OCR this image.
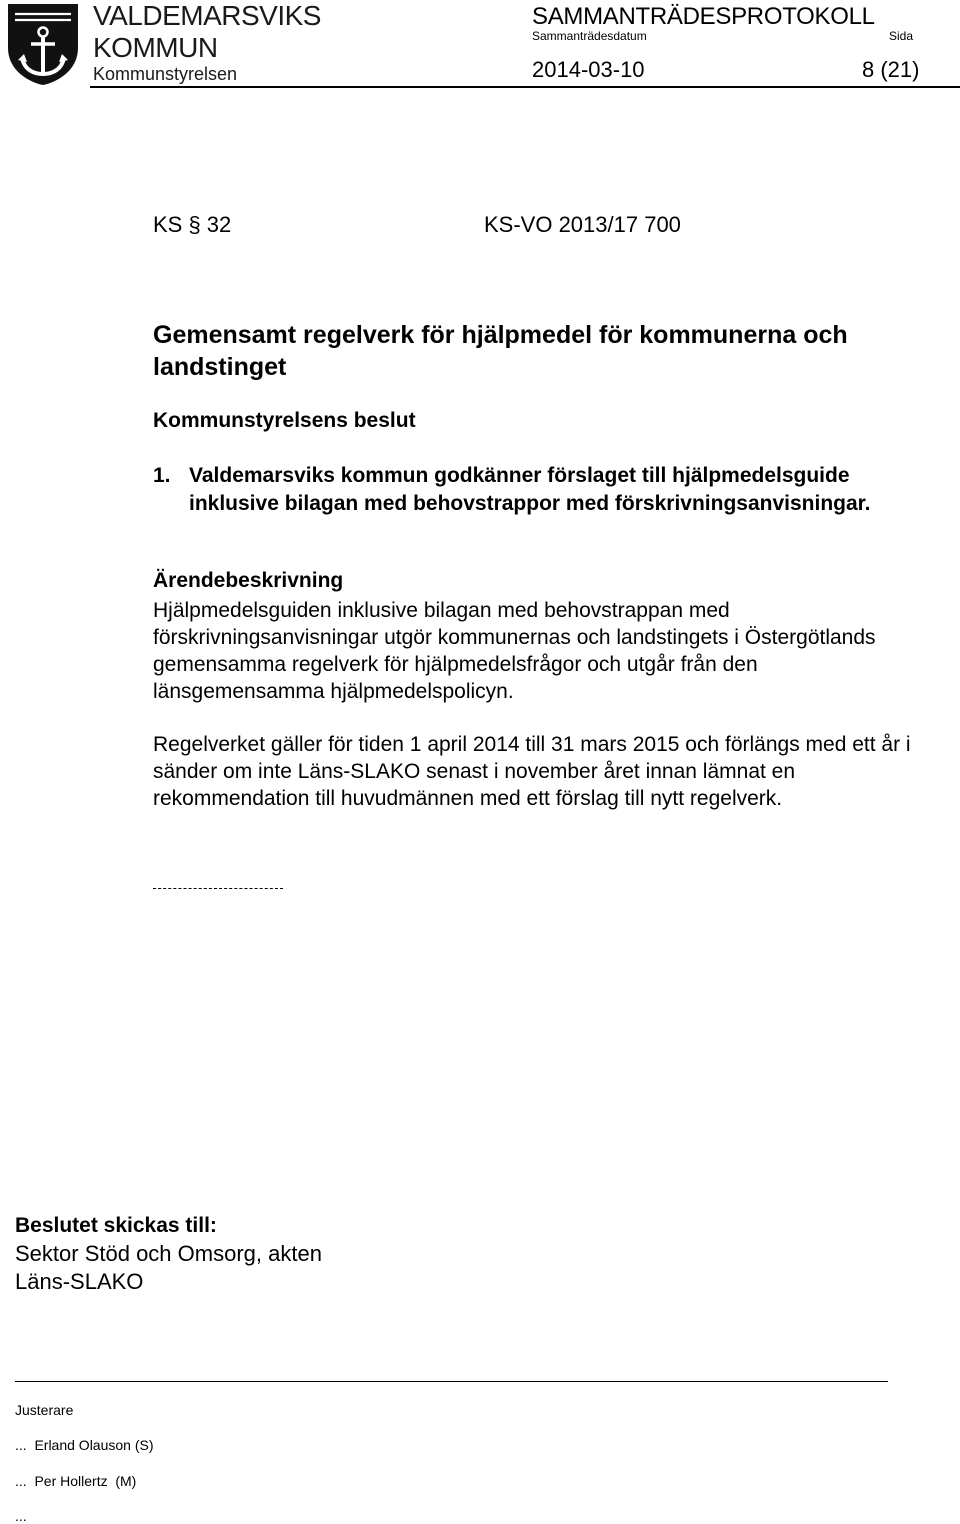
VALDEMARSVIKS
KOMMUN
Kommunstyrelsen
SAMMANTRÄDESPROTOKOLL
Sammanträdesdatum	Sida
2014-03-10	8 (21)
KS § 32	KS-VO 2013/17 700
Gemensamt regelverk för hjälpmedel för kommunerna och landstinget
Kommunstyrelsens beslut
1. Valdemarsviks kommun godkänner förslaget till hjälpmedelsguide inklusive bilagan med behovstrappor med förskrivningsanvisningar.
Ärendebeskrivning

Hjälpmedelsguiden inklusive bilagan med behovstrappan med förskrivningsanvisningar utgör kommunernas och landstingets i Östergötlands gemensamma regelverk för hjälpmedelsfrågor och utgår från den länsgemensamma hjälpmedelspolicyn.

Regelverket gäller för tiden 1 april 2014 till 31 mars 2015 och förlängs med ett år i sänder om inte Läns-SLAKO senast i november året innan lämnat en rekommendation till huvudmännen med ett förslag till nytt regelverk.

Beslutet skickas till:
Sektor Stöd och Omsorg, akten
Läns-SLAKO
Justerare
...  Erland Olauson (S)
...  Per Hollertz  (M)
...
